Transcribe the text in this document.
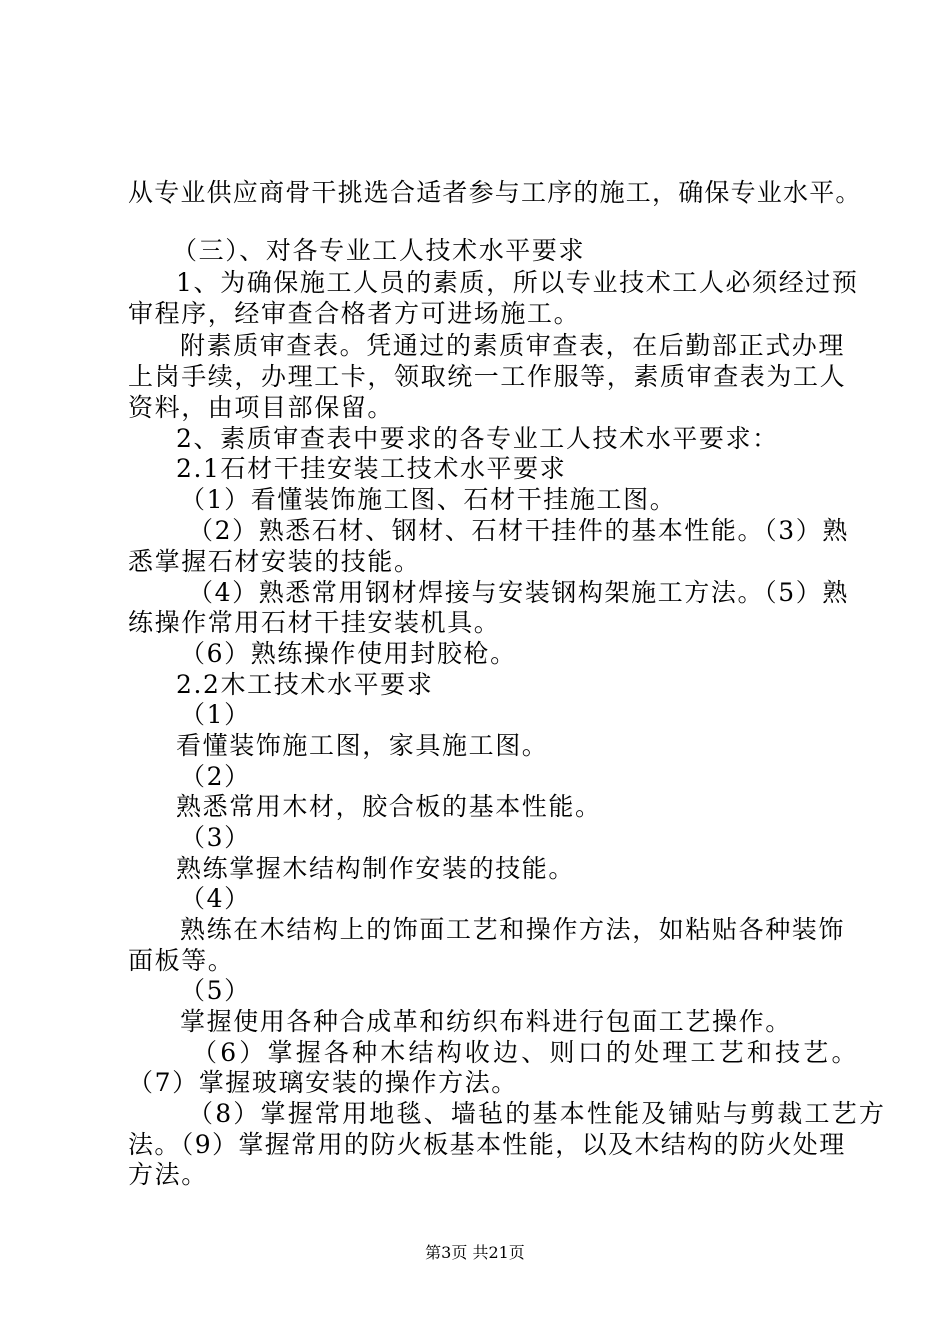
从专业供应商骨干挑选合适者参与工序的施工，确保专业水平。
（三）、对各专业工人技术水平要求
1、为确保施工人员的素质，所以专业技术工人必须经过预
审程序，经审查合格者方可进场施工。
附素质审查表。凭通过的素质审查表，在后勤部正式办理
上岗手续，办理工卡，领取统一工作服等，素质审查表为工人
资料，由项目部保留。
2、素质审查表中要求的各专业工人技术水平要求：
2.1石材干挂安装工技术水平要求
（1）看懂装饰施工图、石材干挂施工图。
（2）熟悉石材、钢材、石材干挂件的基本性能。（3）熟
悉掌握石材安装的技能。
（4）熟悉常用钢材焊接与安装钢构架施工方法。（5）熟
练操作常用石材干挂安装机具。
（6）熟练操作使用封胶枪。
2.2木工技术水平要求
（1）
看懂装饰施工图，家具施工图。
（2）
熟悉常用木材，胶合板的基本性能。
（3）
熟练掌握木结构制作安装的技能。
（4）
熟练在木结构上的饰面工艺和操作方法，如粘贴各种装饰
面板等。
（5）
掌握使用各种合成革和纺织布料进行包面工艺操作。
（6）掌握各种木结构收边、则口的处理工艺和技艺。
（7）掌握玻璃安装的操作方法。
（8）掌握常用地毯、墙毡的基本性能及铺贴与剪裁工艺方
法。（9）掌握常用的防火板基本性能，以及木结构的防火处理
方法。
第3页 共21页
